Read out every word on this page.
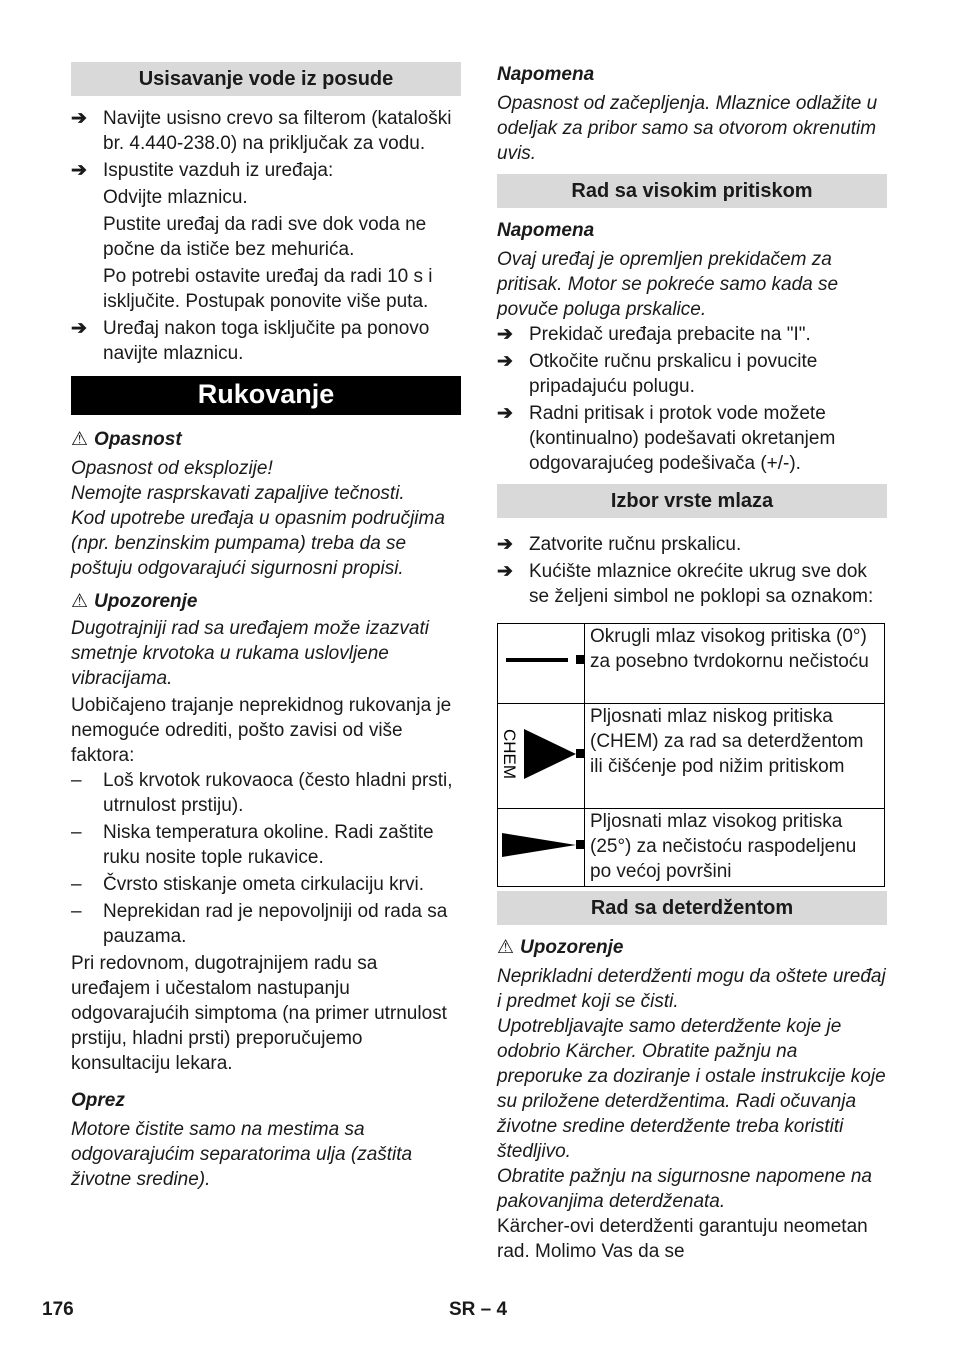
Usisavanje vode iz posude
➔ Navijte usisno crevo sa filterom (kataloški br. 4.440-238.0) na priključak za vodu.
➔ Ispustite vazduh iz uređaja:

Odvijte mlaznicu.

Pustite uređaj da radi sve dok voda ne počne da ističe bez mehurića.

Po potrebi ostavite uređaj da radi 10 s i isključite. Postupak ponovite više puta.

➔ Uređaj nakon toga isključite pa ponovo navijte mlaznicu.
Rukovanje
⚠ Opasnost

Opasnost od eksplozije!

Nemojte rasprskavati zapaljive tečnosti.

Kod upotrebe uređaja u opasnim područjima (npr. benzinskim pumpama) treba da se poštuju odgovarajući sigurnosni propisi.

⚠ Upozorenje

Dugotrajniji rad sa uređajem može izazvati smetnje krvotoka u rukama uslovljene vibracijama.

Uobičajeno trajanje neprekidnog rukovanja je nemoguće odrediti, pošto zavisi od više faktora:

– Loš krvotok rukovaoca (često hladni prsti, utrnulost prstiju).
– Niska temperatura okoline. Radi zaštite ruku nosite tople rukavice.
– Čvrsto stiskanje ometa cirkulaciju krvi.
– Neprekidan rad je nepovoljniji od rada sa pauzama.

Pri redovnom, dugotrajnijem radu sa uređajem i učestalom nastupanju odgovarajućih simptoma (na primer utrnulost prstiju, hladni prsti) preporučujemo konsultaciju lekara.

Oprez

Motore čistite samo na mestima sa odgovarajućim separatorima ulja (zaštita životne sredine).

Napomena

Opasnost od začepljenja. Mlaznice odlažite u odeljak za pribor samo sa otvorom okrenutim uvis.

Rad sa visokim pritiskom
Napomena

Ovaj uređaj je opremljen prekidačem za pritisak. Motor se pokreće samo kada se povuče poluga prskalice.

➔ Prekidač uređaja prebacite na "I".
➔ Otkočite ručnu prskalicu i povucite pripadajuću polugu.
➔ Radni pritisak i protok vode možete (kontinualno) podešavati okretanjem odgovarajućeg podešivača (+/-).
Izbor vrste mlaza
➔ Zatvorite ručnu prskalicu.
➔ Kućište mlaznice okrećite ukrug sve dok se željeni simbol ne poklopi sa oznakom:
	Okrugli mlaz visokog pritiska (0°) za posebno tvrdokornu nečistoću

CHEM	Pljosnati mlaz niskog pritiska (CHEM) za rad sa deterdžentom ili čišćenje pod nižim pritiskom
	Pljosnati mlaz visokog pritiska (25°) za nečistoću raspodeljenu po većoj površini
Rad sa deterdžentom
⚠ Upozorenje

Neprikladni deterdženti mogu da oštete uređaj i predmet koji se čisti.

Upotrebljavajte samo deterdžente koje je odobrio Kärcher. Obratite pažnju na preporuke za doziranje i ostale instrukcije koje su priložene deterdžentima. Radi očuvanja životne sredine deterdžente treba koristiti štedljivo.

Obratite pažnju na sigurnosne napomene na pakovanjima deterdženata.

Kärcher-ovi deterdženti garantuju neometan rad. Molimo Vas da se

176	SR – 4
